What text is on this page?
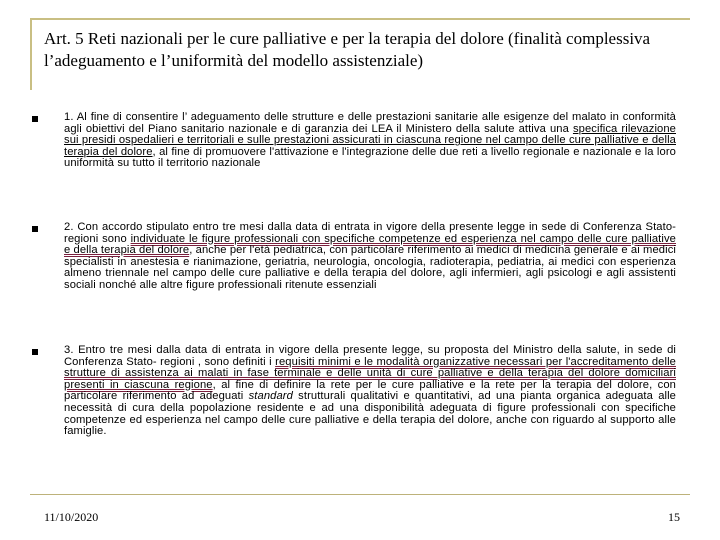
Art. 5 Reti nazionali per le cure palliative e per la terapia del dolore (finalità complessiva l’adeguamento e l’uniformità del modello assistenziale)
1. Al fine di consentire l’ adeguamento delle strutture e delle prestazioni sanitarie alle esigenze del malato in conformità agli obiettivi del Piano sanitario nazionale e di garanzia dei LEA il Ministero della salute attiva una specifica rilevazione sui presidi ospedalieri e territoriali e sulle prestazioni assicurati in ciascuna regione nel campo delle cure palliative e della terapia del dolore, al fine di promuovere l'attivazione e l'integrazione delle due reti a livello regionale e nazionale e la loro uniformità su tutto il territorio nazionale
2. Con accordo stipulato entro tre mesi dalla data di entrata in vigore della presente legge in sede di Conferenza Stato- regioni sono individuate le figure professionali con specifiche competenze ed esperienza nel campo delle cure palliative e della terapia del dolore, anche per l'età pediatrica, con particolare riferimento ai medici di medicina generale e ai medici specialisti in anestesia e rianimazione, geriatria, neurologia, oncologia, radioterapia, pediatria, ai medici con esperienza almeno triennale nel campo delle cure palliative e della terapia del dolore, agli infermieri, agli psicologi e agli assistenti sociali nonché alle altre figure professionali ritenute essenziali
3. Entro tre mesi dalla data di entrata in vigore della presente legge, su proposta del Ministro della salute, in sede di Conferenza Stato- regioni , sono definiti i requisiti minimi e le modalità organizzative necessari per l'accreditamento delle strutture di assistenza ai malati in fase terminale e delle unità di cure palliative e della terapia del dolore domiciliari presenti in ciascuna regione, al fine di definire la rete per le cure palliative e la rete per la terapia del dolore, con particolare riferimento ad adeguati standard strutturali qualitativi e quantitativi, ad una pianta organica adeguata alle necessità di cura della popolazione residente e ad una disponibilità adeguata di figure professionali con specifiche competenze ed esperienza nel campo delle cure palliative e della terapia del dolore, anche con riguardo al supporto alle famiglie.
11/10/2020	15
